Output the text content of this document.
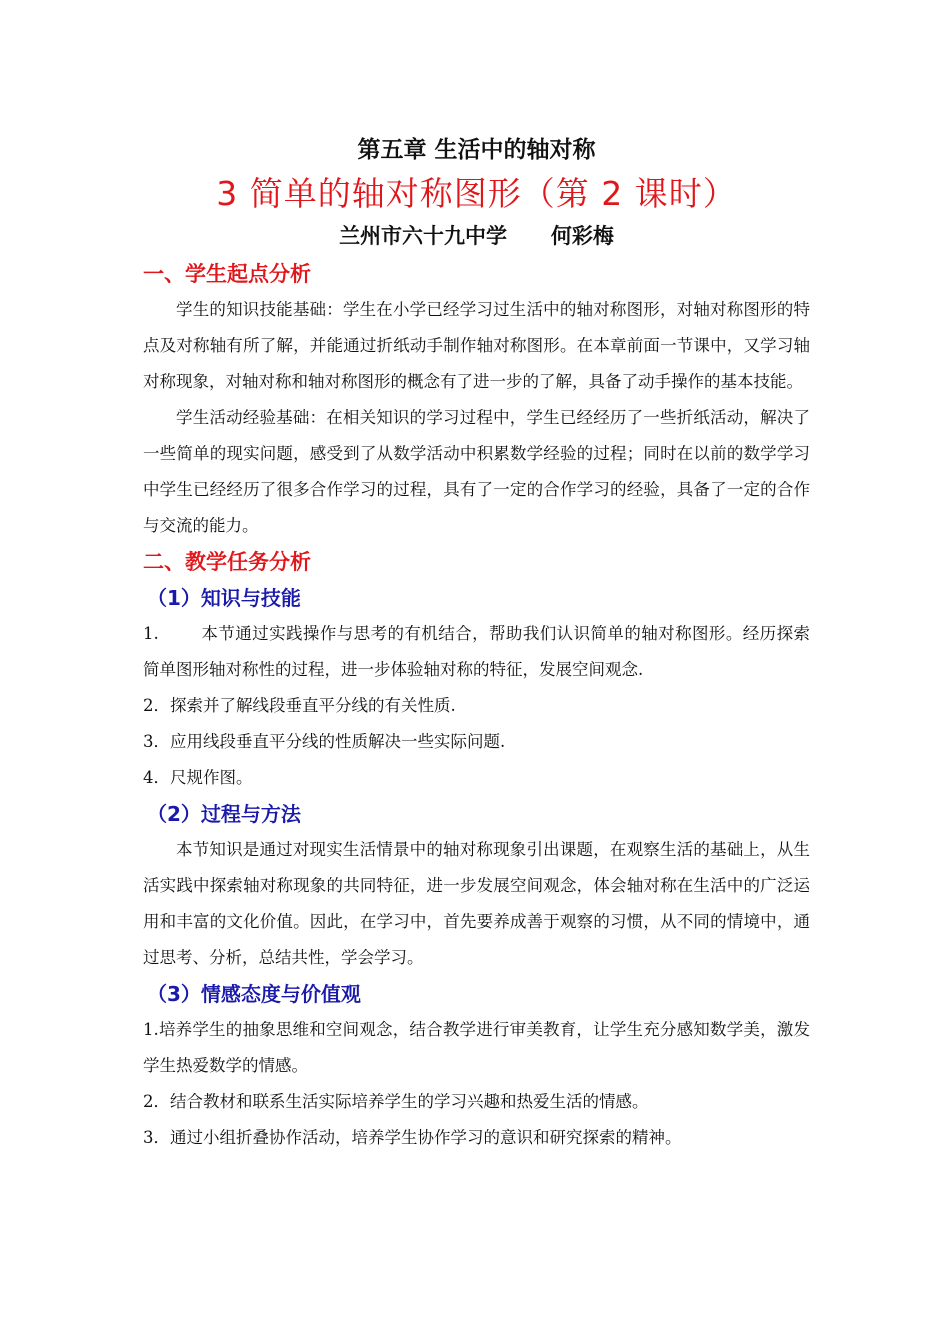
第五章 生活中的轴对称

3 简单的轴对称图形（第 2 课时）

兰州市六十九中学      何彩梅

一、学生起点分析

学生的知识技能基础：学生在小学已经学习过生活中的轴对称图形，对轴对称图形的特点及对称轴有所了解，并能通过折纸动手制作轴对称图形。在本章前面一节课中，又学习轴对称现象，对轴对称和轴对称图形的概念有了进一步的了解，具备了动手操作的基本技能。

学生活动经验基础：在相关知识的学习过程中，学生已经经历了一些折纸活动，解决了一些简单的现实问题，感受到了从数学活动中积累数学经验的过程；同时在以前的数学学习中学生已经经历了很多合作学习的过程，具有了一定的合作学习的经验，具备了一定的合作与交流的能力。

二、教学任务分析

（1）知识与技能

1.	本节通过实践操作与思考的有机结合，帮助我们认识简单的轴对称图形。经历探索简单图形轴对称性的过程，进一步体验轴对称的特征，发展空间观念.

2．探索并了解线段垂直平分线的有关性质.

3．应用线段垂直平分线的性质解决一些实际问题.

4．尺规作图。

（2）过程与方法

本节知识是通过对现实生活情景中的轴对称现象引出课题，在观察生活的基础上，从生活实践中探索轴对称现象的共同特征，进一步发展空间观念，体会轴对称在生活中的广泛运用和丰富的文化价值。因此，在学习中，首先要养成善于观察的习惯，从不同的情境中，通过思考、分析，总结共性，学会学习。

（3）情感态度与价值观

1.培养学生的抽象思维和空间观念，结合教学进行审美教育，让学生充分感知数学美，激发学生热爱数学的情感。

2．结合教材和联系生活实际培养学生的学习兴趣和热爱生活的情感。

3．通过小组折叠协作活动，培养学生协作学习的意识和研究探索的精神。
